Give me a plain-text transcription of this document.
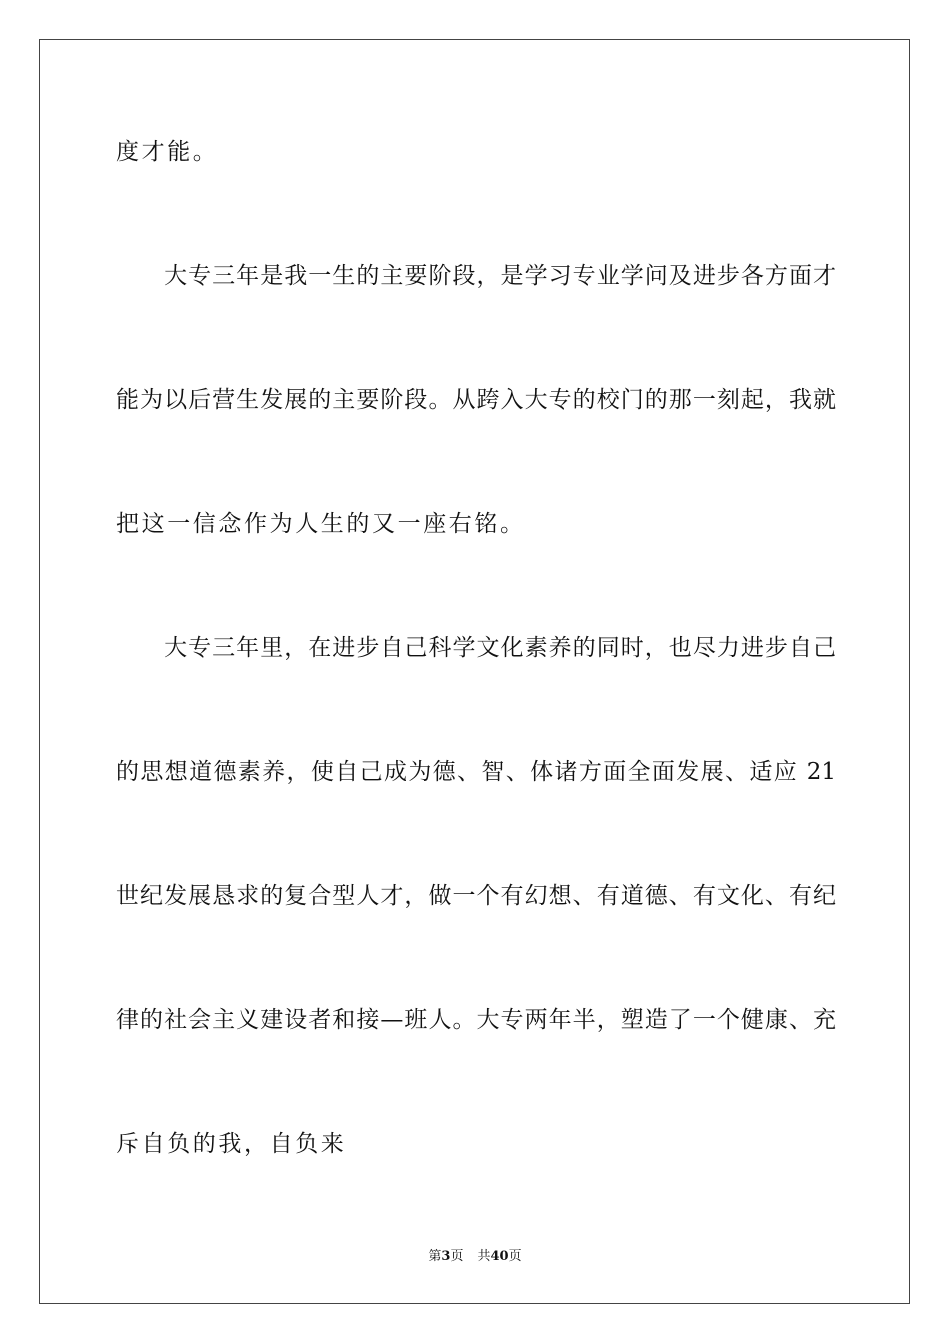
度才能。
　　大专三年是我一生的主要阶段，是学习专业学问及进步各方面才
能为以后营生发展的主要阶段。从跨入大专的校门的那一刻起，我就
把这一信念作为人生的又一座右铭。
　　大专三年里，在进步自己科学文化素养的同时，也尽力进步自己
的思想道德素养，使自己成为德、智、体诸方面全面发展、适应 21
世纪发展恳求的复合型人才，做一个有幻想、有道德、有文化、有纪
律的社会主义建设者和接—班人。大专两年半，塑造了一个健康、充
斥自负的我，自负来
第3页 共40页
